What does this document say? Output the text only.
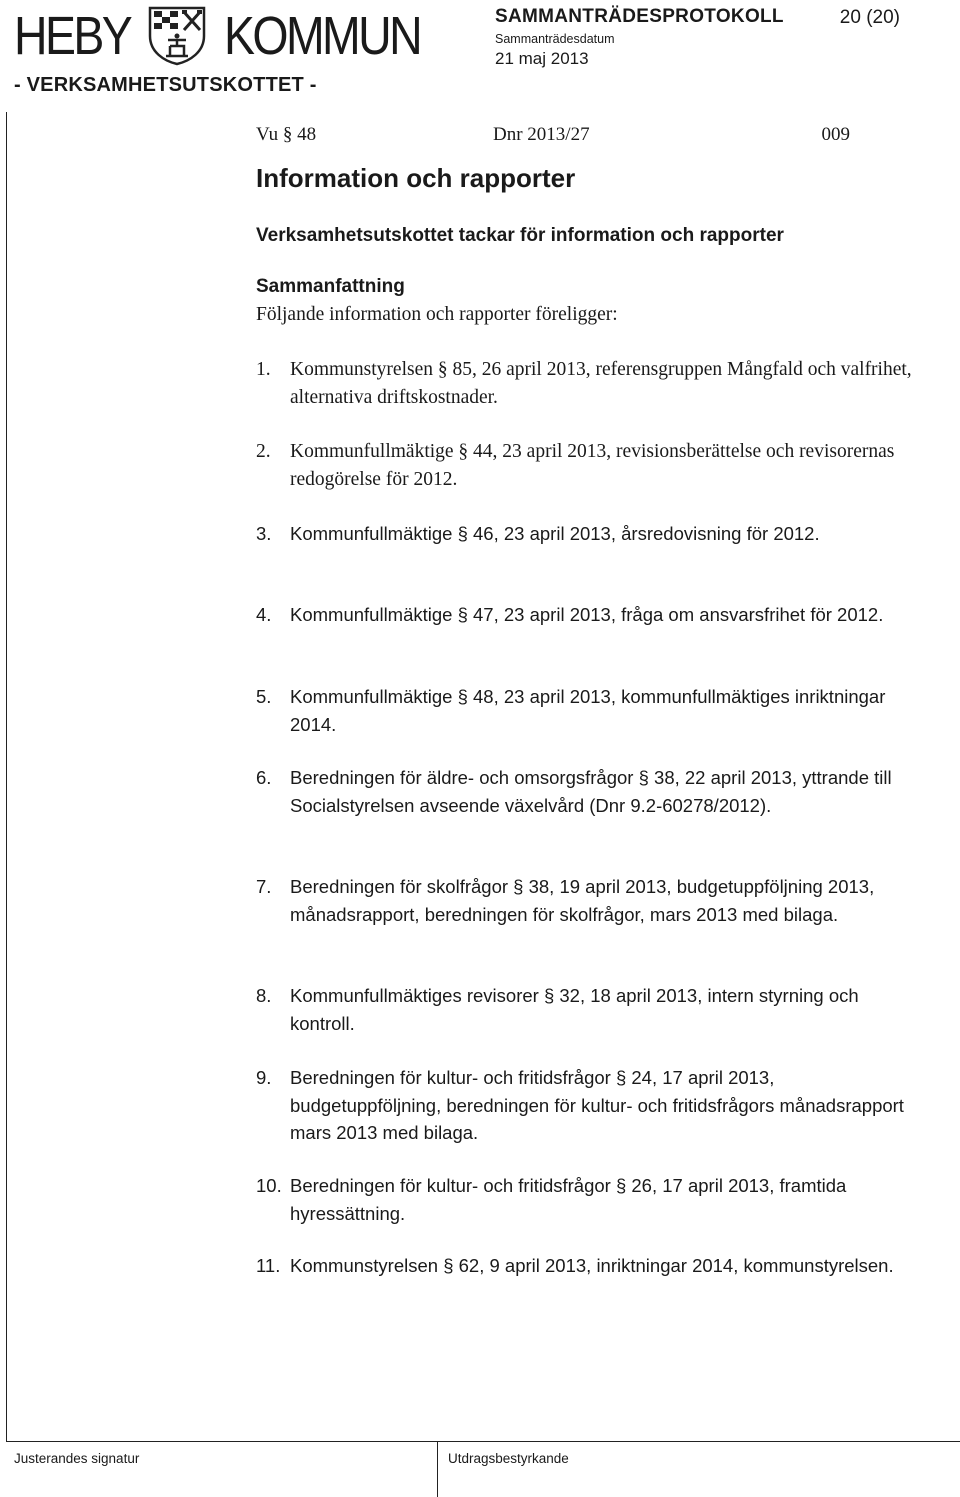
HEBY KOMMUN
- VERKSAMHETSUTSKOTTET -
SAMMANTRÄDESPROTOKOLL	20 (20)
Sammanträdesdatum
21 maj 2013
Vu § 48	Dnr 2013/27	009
Information och rapporter
Verksamhetsutskottet tackar för information och rapporter
Sammanfattning
Följande information och rapporter föreligger:
1. Kommunstyrelsen § 85, 26 april 2013, referensgruppen Mångfald och valfrihet, alternativa driftskostnader.
2. Kommunfullmäktige § 44, 23 april 2013, revisionsberättelse och revisorernas redogörelse för 2012.
3. Kommunfullmäktige § 46, 23 april 2013, årsredovisning för 2012.
4. Kommunfullmäktige § 47, 23 april 2013, fråga om ansvarsfrihet för 2012.
5. Kommunfullmäktige § 48, 23 april 2013, kommunfullmäktiges inriktningar 2014.
6. Beredningen för äldre- och omsorgsfrågor § 38, 22 april 2013, yttrande till Socialstyrelsen avseende växelvård (Dnr 9.2-60278/2012).
7. Beredningen för skolfrågor § 38, 19 april 2013, budgetuppföljning 2013, månadsrapport, beredningen för skolfrågor, mars 2013 med bilaga.
8. Kommunfullmäktiges revisorer § 32, 18 april 2013, intern styrning och kontroll.
9. Beredningen för kultur- och fritidsfrågor § 24, 17 april 2013, budgetuppföljning, beredningen för kultur- och fritidsfrågors månadsrapport mars 2013 med bilaga.
10. Beredningen för kultur- och fritidsfrågor § 26, 17 april 2013, framtida hyressättning.
11. Kommunstyrelsen § 62, 9 april 2013, inriktningar 2014, kommunstyrelsen.
Justerandes signatur	Utdragsbestyrkande
